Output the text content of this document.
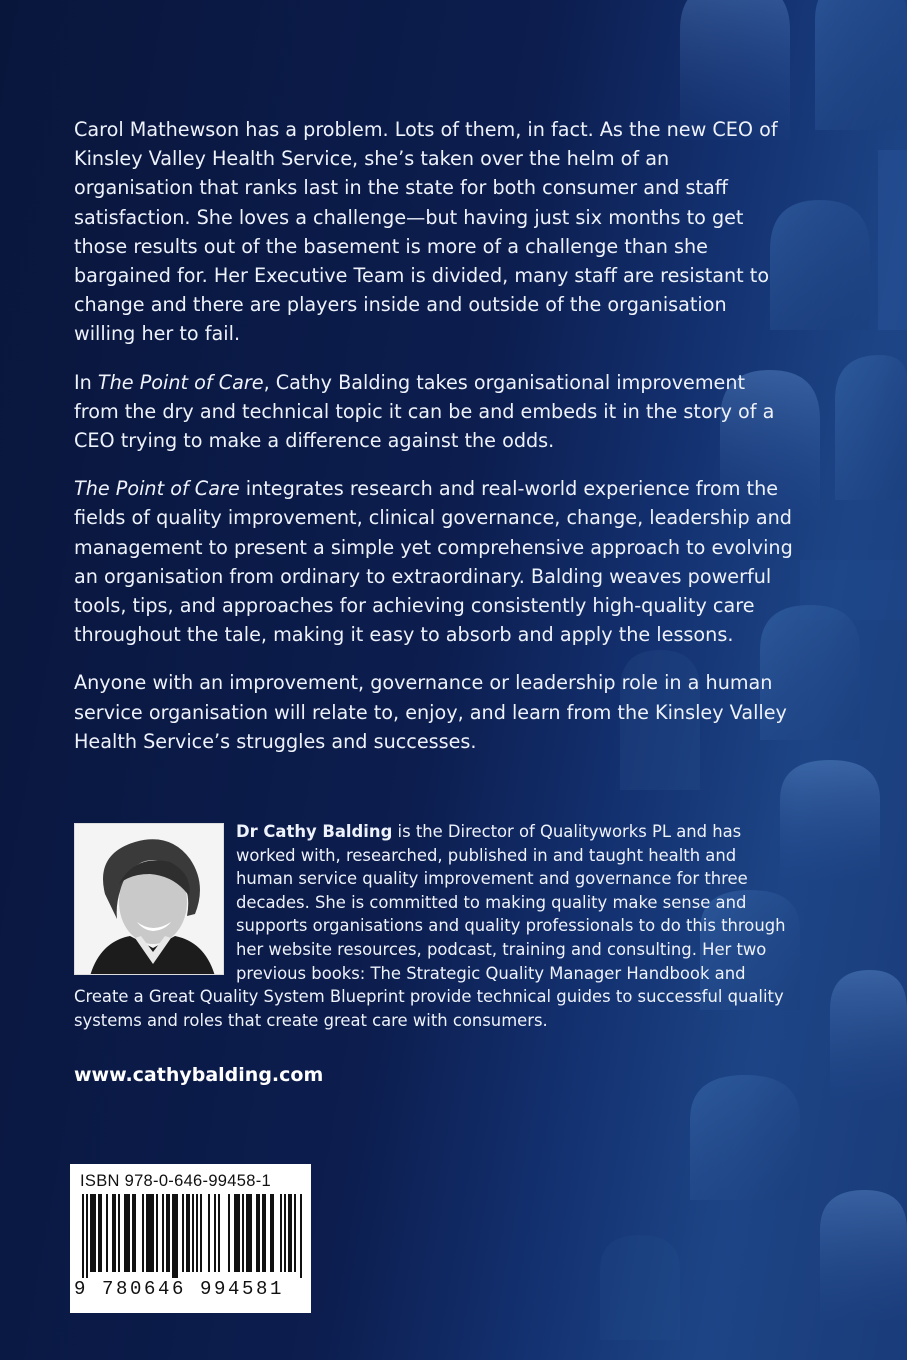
Carol Mathewson has a problem. Lots of them, in fact. As the new CEO of Kinsley Valley Health Service, she’s taken over the helm of an organisation that ranks last in the state for both consumer and staff satisfaction. She loves a challenge—but having just six months to get those results out of the basement is more of a challenge than she bargained for. Her Executive Team is divided, many staff are resistant to change and there are players inside and outside of the organisation willing her to fail.

In The Point of Care, Cathy Balding takes organisational improvement from the dry and technical topic it can be and embeds it in the story of a CEO trying to make a difference against the odds.

The Point of Care integrates research and real-world experience from the fields of quality improvement, clinical governance, change, leadership and management to present a simple yet comprehensive approach to evolving an organisation from ordinary to extraordinary. Balding weaves powerful tools, tips, and approaches for achieving consistently high-quality care throughout the tale, making it easy to absorb and apply the lessons.

Anyone with an improvement, governance or leadership role in a human service organisation will relate to, enjoy, and learn from the Kinsley Valley Health Service’s struggles and successes.

Dr Cathy Balding is the Director of Qualityworks PL and has worked with, researched, published in and taught health and human service quality improvement and governance for three decades. She is committed to making quality make sense and supports organisations and quality professionals to do this through her website resources, podcast, training and consulting. Her two previous books: The Strategic Quality Manager Handbook and Create a Great Quality System Blueprint provide technical guides to successful quality systems and roles that create great care with consumers.
www.cathybalding.com
ISBN 978-0-646-99458-1
9 780646 994581
